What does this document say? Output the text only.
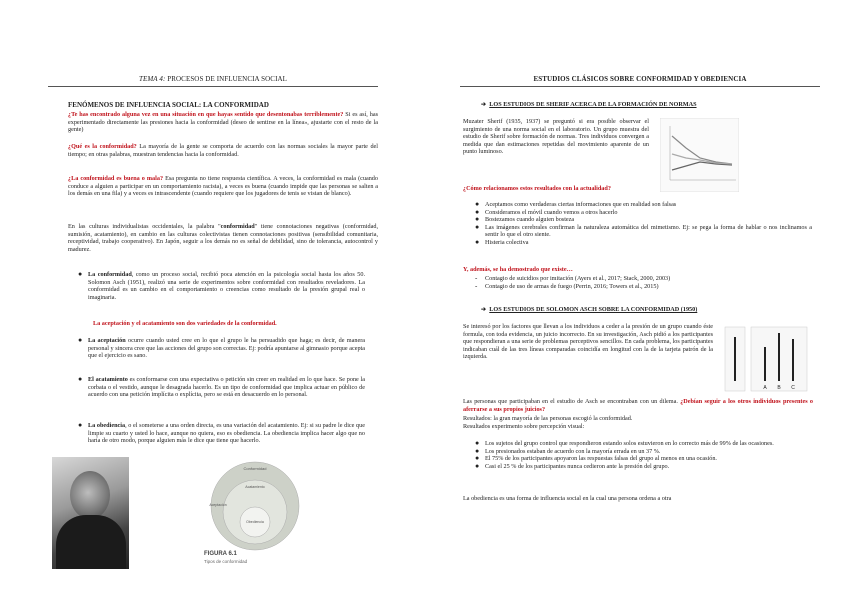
TEMA 4: PROCESOS DE INFLUENCIA SOCIAL	ESTUDIOS CLÁSICOS SOBRE CONFORMIDAD Y OBEDIENCIA
FENÓMENOS DE INFLUENCIA SOCIAL: LA CONFORMIDAD
¿Te has encontrado alguna vez en una situación en que hayas sentido que desentonabas terriblemente? Si es así, has experimentado directamente las presiones hacia la conformidad (deseo de sentirse en la línea», ajustarte con el resto de la gente)
¿Qué es la conformidad? La mayoría de la gente se comporta de acuerdo con las normas sociales la mayor parte del tiempo; en otras palabras, muestran tendencias hacia la conformidad.
¿La conformidad es buena o mala? Esa pregunta no tiene respuesta científica. A veces, la conformidad es mala (cuando conduce a alguien a participar en un comportamiento racista), a veces es buena (cuando impide que las personas se salten a los demás en una fila) y a veces es intrascendente (cuando requiere que los jugadores de tenis se vistan de blanco).
En las culturas individualistas occidentales, la palabra "conformidad" tiene connotaciones negativas (conformidad, sumisión, acatamiento), en cambio en las culturas colectivistas tienen connotaciones positivas (sensibilidad comunitaria, receptividad, trabajo cooperativo). En Japón, seguir a los demás no es señal de debilidad, sino de tolerancia, autocontrol y madurez.
● La conformidad, como un proceso social, recibió poca atención en la psicología social hasta los años 50. Solomon Asch (1951), realizó una serie de experimentos sobre conformidad con resultados reveladores. La conformidad es un cambio en el comportamiento o creencias como resultado de la presión grupal real o imaginaria.
La aceptación y el acatamiento son dos variedades de la conformidad.
● La aceptación ocurre cuando usted cree en lo que el grupo le ha persuadido que haga; es decir, de manera personal y sincera cree que las acciones del grupo son correctas. Ej: podría apuntarse al gimnasio porque acepta que el ejercicio es sano.
● El acatamiento es conformarse con una expectativa o petición sin creer en realidad en lo que hace. Se pone la corbata o el vestido, aunque le desagrada hacerlo. Es un tipo de conformidad que implica actuar en público de acuerdo con una petición implícita o explícita, pero se está en desacuerdo en lo personal.
● La obediencia, o el someterse a una orden directa, es una variación del acatamiento. Ej: si su padre le dice que limpie su cuarto y usted lo hace, aunque no quiera, eso es obediencia. La obediencia implica hacer algo que no haría de otro modo, porque alguien más le dice que tiene que hacerlo.
Conformidad
Acatamiento
Aceptación
Obediencia
FIGURA 6.1
Tipos de conformidad
➔ LOS ESTUDIOS DE SHERIF ACERCA DE LA FORMACIÓN DE NORMAS
Muzater Sherif (1935, 1937) se preguntó si era posible observar el surgimiento de una norma social en el laboratorio. Un grupo muestra del estudio de Sherif sobre formación de normas. Tres individuos convergen a medida que dan estimaciones repetidas del movimiento aparente de un punto luminoso.
¿Cómo relacionamos estos resultados con la actualidad?
● Aceptamos como verdaderas ciertas informaciones que en realidad son falsas
● Consideramos el móvil cuando vemos a otros hacerlo
● Bostezamos cuando alguien bosteza
● Las imágenes cerebrales confirman la naturaleza automática del mimetismo. Ej: se pega la forma de hablar o nos inclinamos a sentir lo que el otro siente.
● Histeria colectiva
Y, además, se ha demostrado que existe…
- Contagio de suicidios por imitación (Ayers et al., 2017; Stack, 2000, 2003)
- Contagio de uso de armas de fuego (Perrin, 2016; Towers et al., 2015)
➔ LOS ESTUDIOS DE SOLOMON ASCH SOBRE LA CONFORMIDAD (1950)
Se interesó por los factores que llevan a los individuos a ceder a la presión de un grupo cuando éste formula, con toda evidencia, un juicio incorrecto. En su investigación, Asch pidió a los participantes que respondieran a una serie de problemas perceptivos sencillos. En cada problema, los participantes indicaban cuál de las tres líneas comparadas coincidía en longitud con la de la tarjeta patrón de la izquierda.
A B C
Las personas que participaban en el estudio de Asch se encontraban con un dilema. ¿Debían seguir a los otros individuos presentes o aferrarse a sus propios juicios?
Resultados: la gran mayoría de las personas escogió la conformidad.
Resultados experimento sobre percepción visual:
● Los sujetos del grupo control que respondieron estando solos estuvieron en lo correcto más de 99% de las ocasiones.
● Los presionados estaban de acuerdo con la mayoría errada en un 37 %.
● El 75% de los participantes apoyaron las respuestas falsas del grupo al menos en una ocasión.
● Casi el 25 % de los participantes nunca cedieron ante la presión del grupo.
La obediencia es una forma de influencia social en la cual una persona ordena a otra
